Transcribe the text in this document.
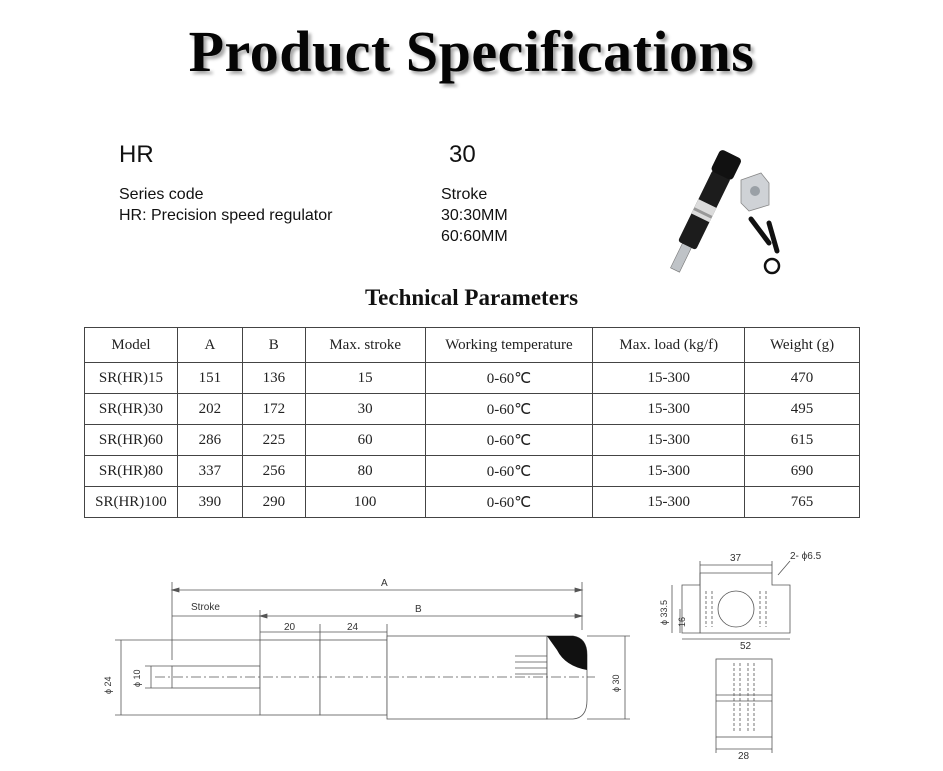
Product Specifications
HR
Series code
HR: Precision speed regulator
30
Stroke
30:30MM
60:60MM
Technical Parameters
Model	A	B	Max. stroke	Working temperature	Max. load (kg/f)	Weight (g)
SR(HR)15	151	136	15	0-60℃	15-300	470
SR(HR)30	202	172	30	0-60℃	15-300	495
SR(HR)60	286	225	60	0-60℃	15-300	615
SR(HR)80	337	256	80	0-60℃	15-300	690
SR(HR)100	390	290	100	0-60℃	15-300	765
A
B
Stroke
20	24
ϕ 10
ϕ 24	ϕ 30
37	2- ϕ6.5
ϕ 33.5 16
52
28
